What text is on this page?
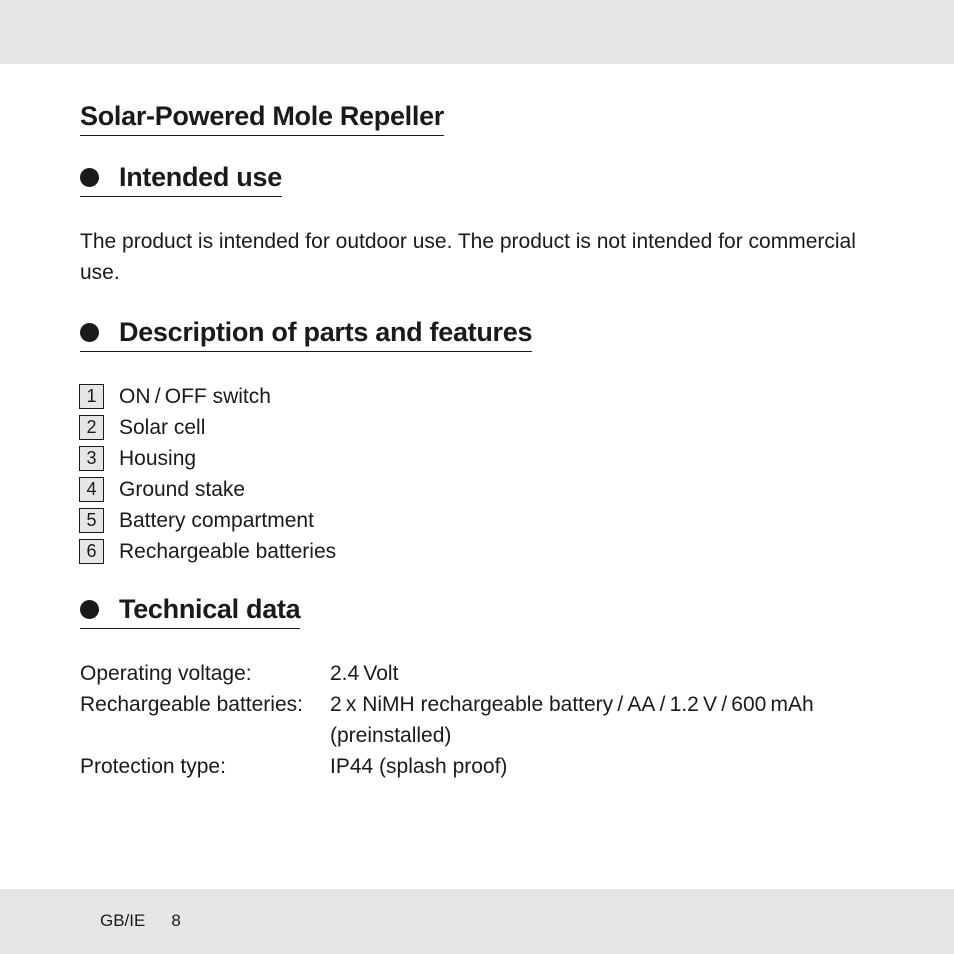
Solar-Powered Mole Repeller
Intended use

The product is intended for outdoor use. The product is not intended for commercial use.

Description of parts and features
1	ON / OFF switch
2	Solar cell
3	Housing
4	Ground stake
5	Battery compartment
6	Rechargeable batteries
Technical data
Operating voltage:	2.4 Volt
Rechargeable batteries:	2 x NiMH rechargeable battery / AA / 1.2 V / 600 mAh (preinstalled)
Protection type:	IP44 (splash proof)
GB/IE 8
